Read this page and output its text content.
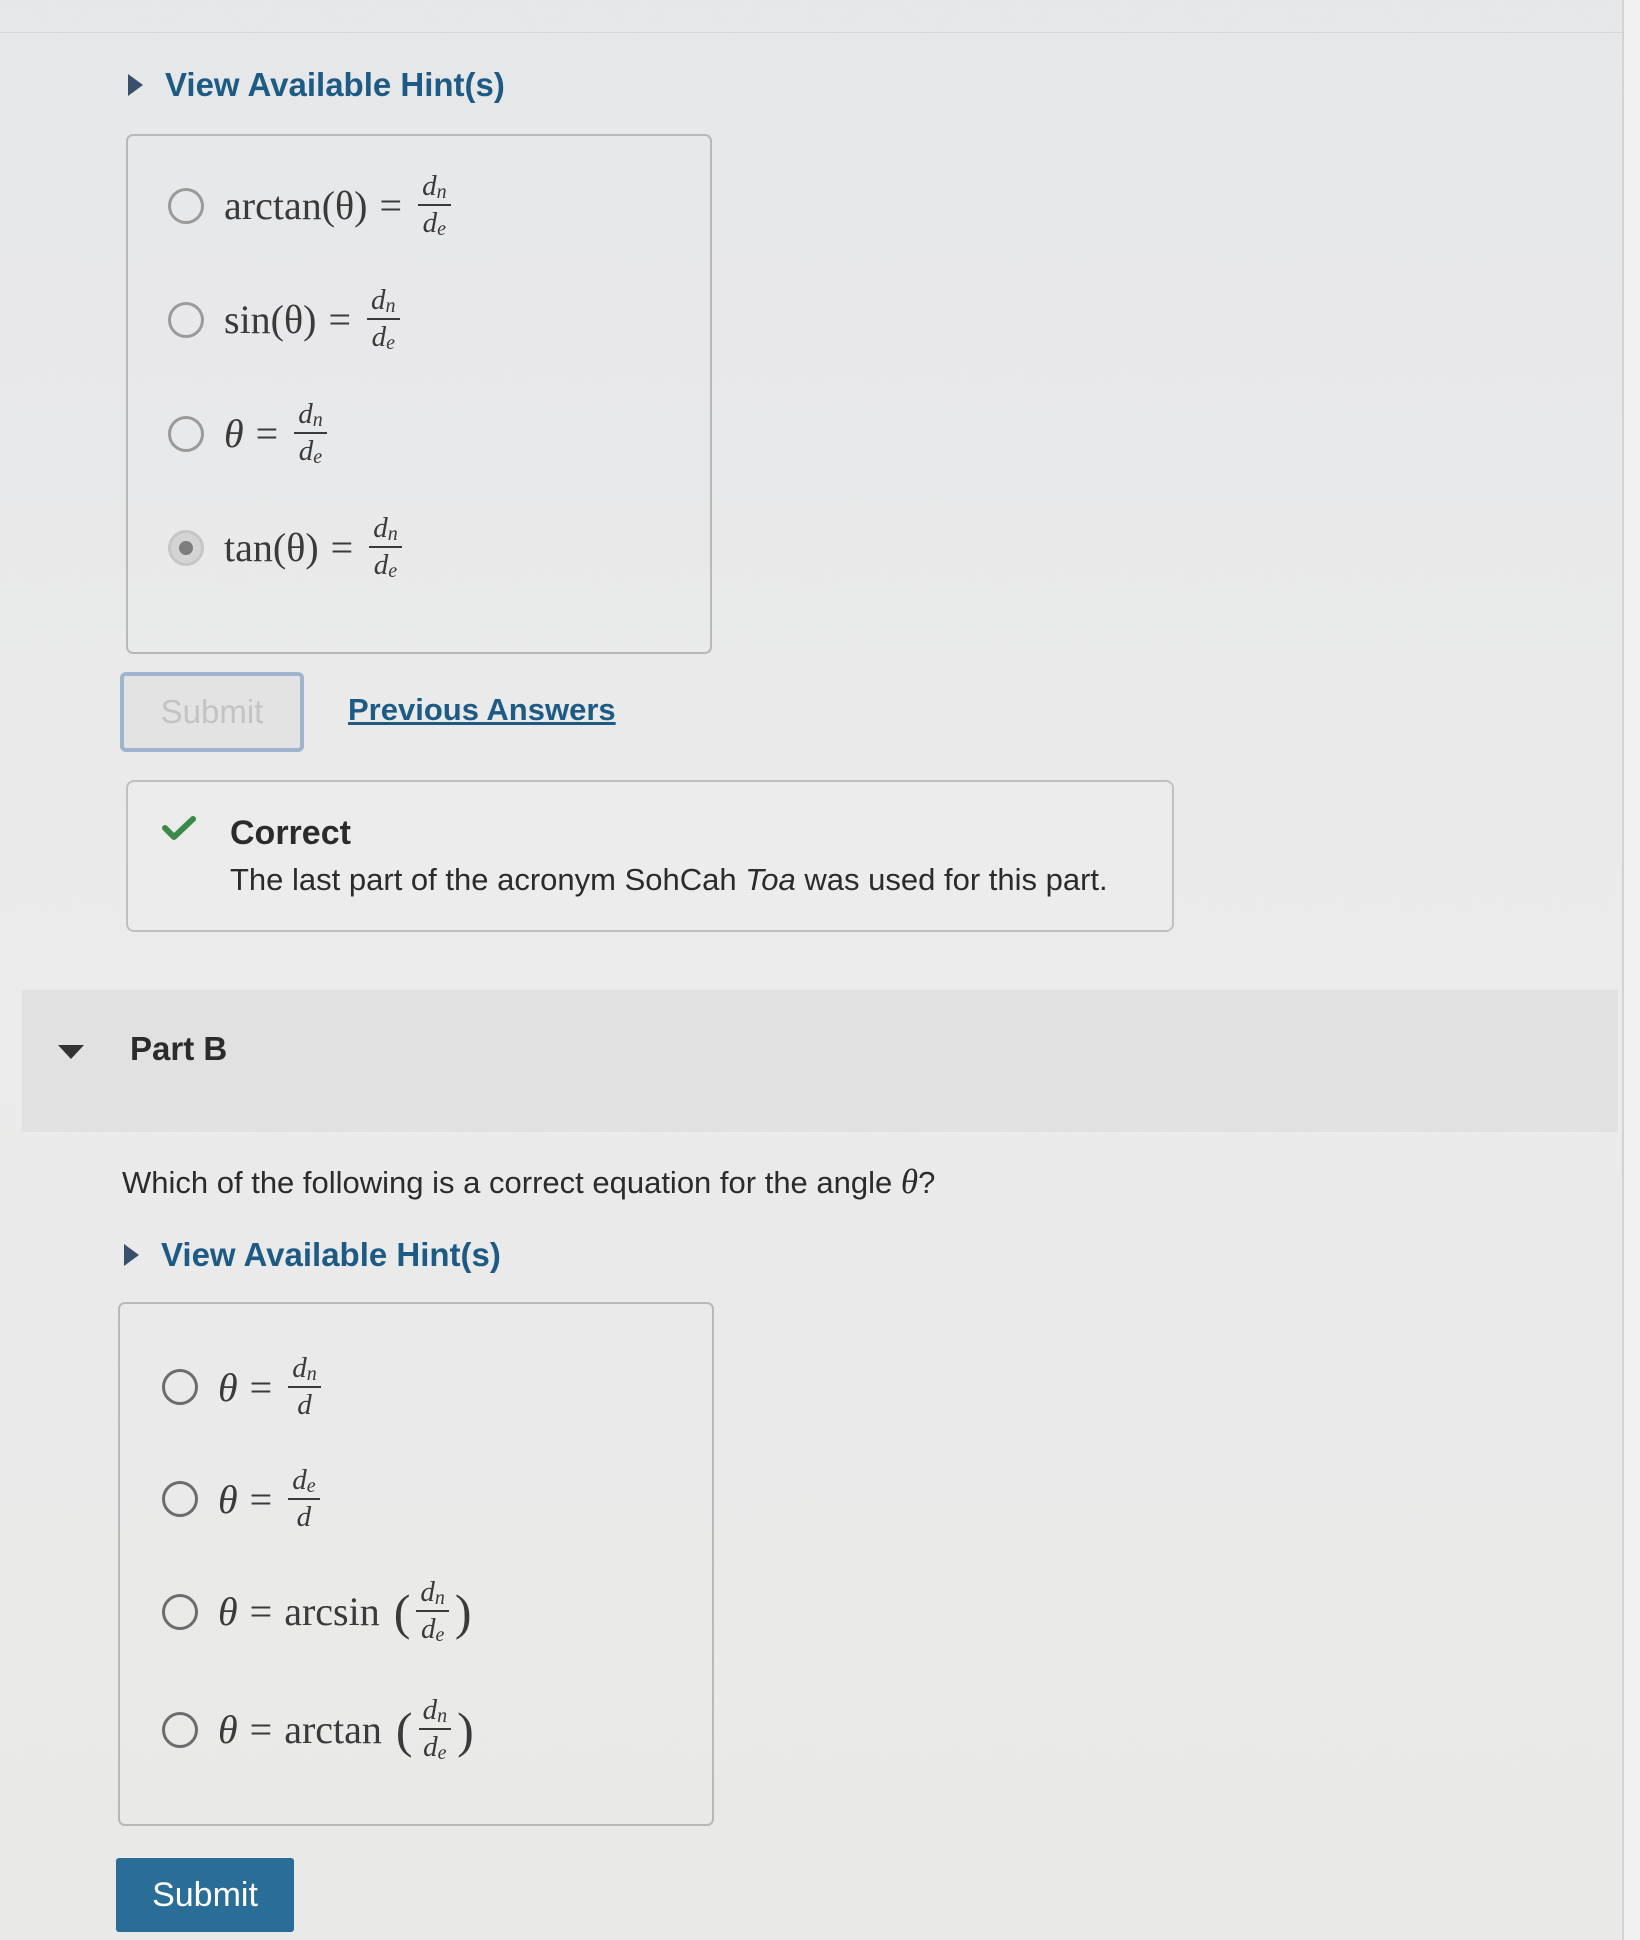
View Available Hint(s)
$\arctan(\theta) = \frac{d_n}{d_e}$
$\sin(\theta) = \frac{d_n}{d_e}$
$\theta = \frac{d_n}{d_e}$
$\tan(\theta) = \frac{d_n}{d_e}$
Submit	Previous Answers
Correct
The last part of the acronym SohCah Toa was used for this part.
Part B
Which of the following is a correct equation for the angle θ?
View Available Hint(s)
$\theta = \frac{d_n}{d}$
$\theta = \frac{d_e}{d}$
θ = arcsin ( $\frac{d_n}{d_e}$ )
θ = arctan ( $\frac{d_n}{d_e}$ )
Submit
